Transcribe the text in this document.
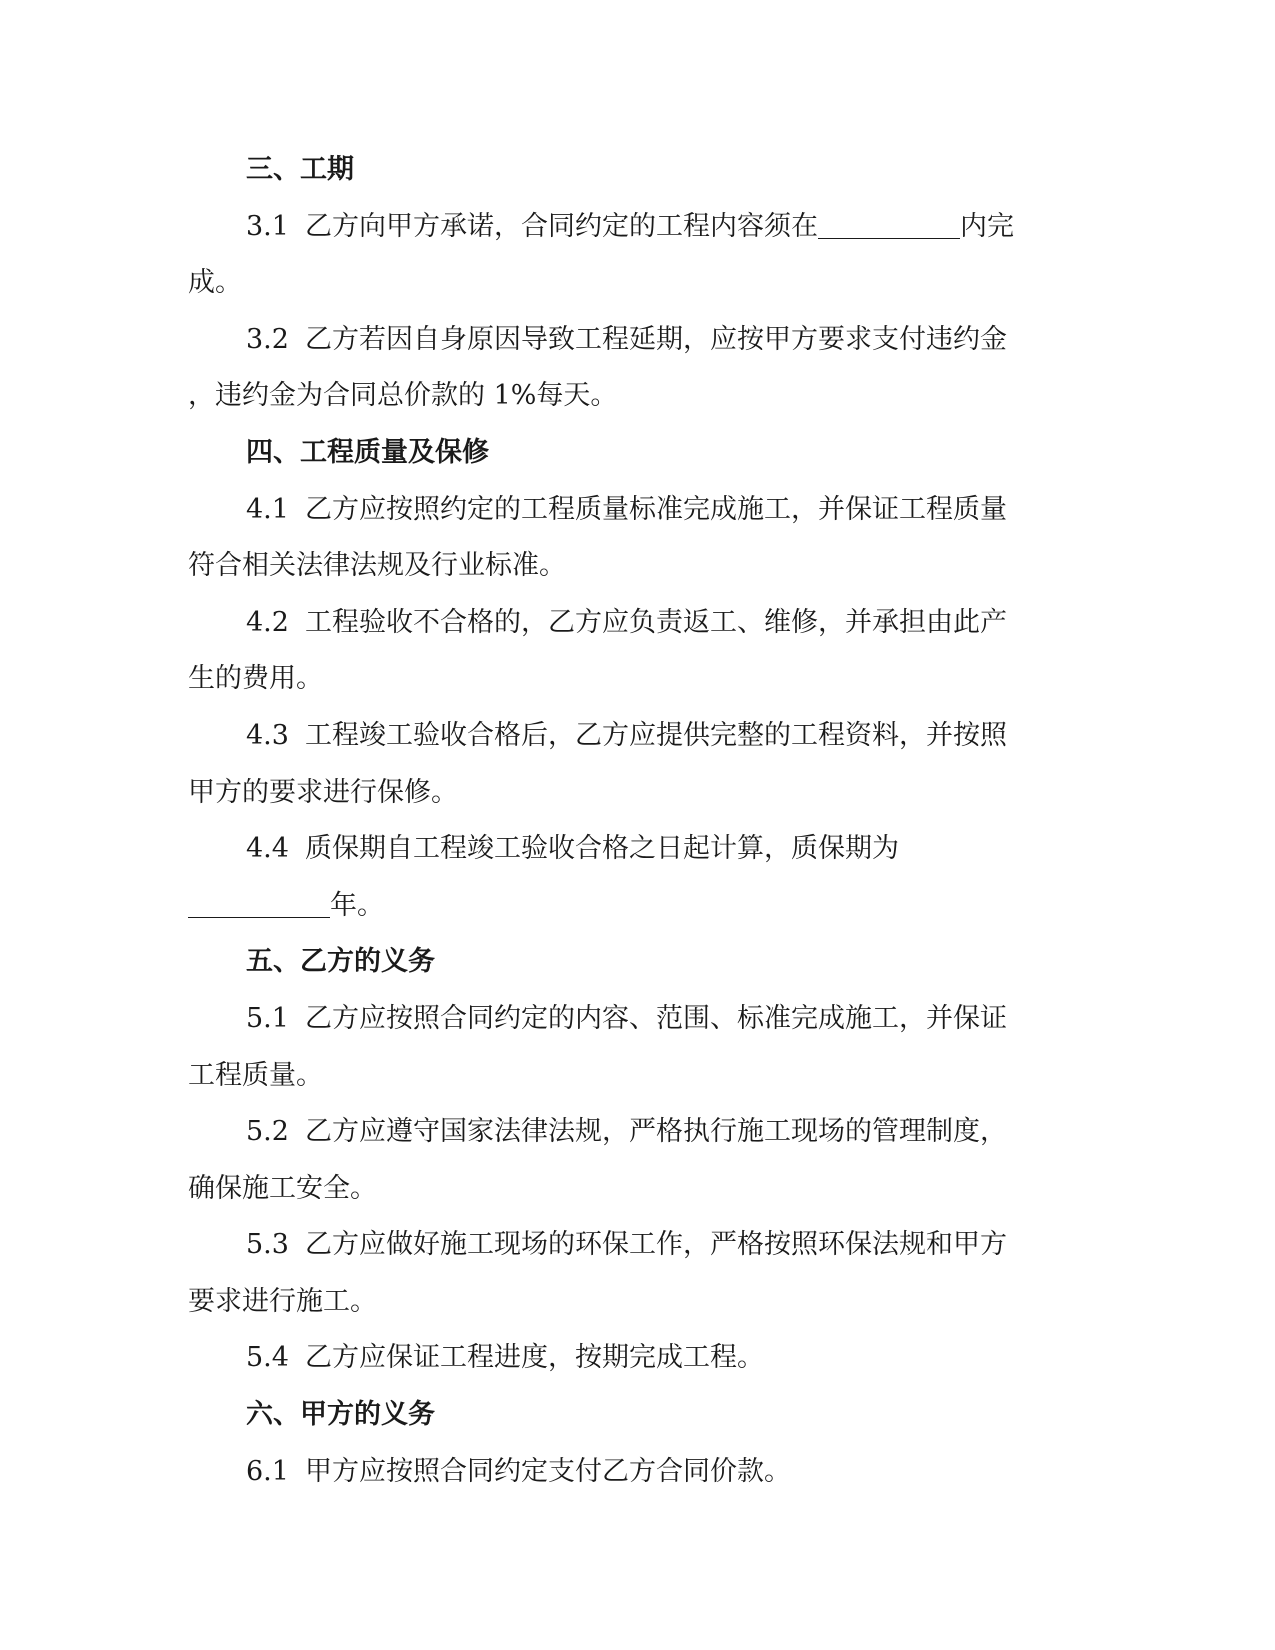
三、工期
3.1 乙方向甲方承诺，合同约定的工程内容须在	内完
成。
3.2 乙方若因自身原因导致工程延期，应按甲方要求支付违约金
，违约金为合同总价款的 1%每天。
四、工程质量及保修
4.1 乙方应按照约定的工程质量标准完成施工，并保证工程质量
符合相关法律法规及行业标准。
4.2 工程验收不合格的，乙方应负责返工、维修，并承担由此产
生的费用。
4.3 工程竣工验收合格后，乙方应提供完整的工程资料，并按照
甲方的要求进行保修。
4.4 质保期自工程竣工验收合格之日起计算，质保期为
年。
五、乙方的义务
5.1 乙方应按照合同约定的内容、范围、标准完成施工，并保证
工程质量。
5.2 乙方应遵守国家法律法规，严格执行施工现场的管理制度，
确保施工安全。
5.3 乙方应做好施工现场的环保工作，严格按照环保法规和甲方
要求进行施工。
5.4 乙方应保证工程进度，按期完成工程。
六、甲方的义务
6.1 甲方应按照合同约定支付乙方合同价款。
